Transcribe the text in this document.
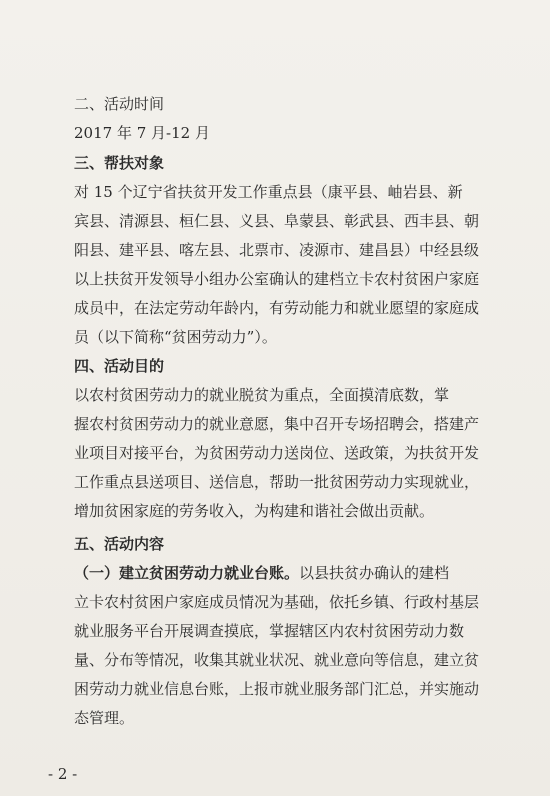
二、活动时间
2017 年 7 月-12 月
三、帮扶对象
对 15 个辽宁省扶贫开发工作重点县（康平县、岫岩县、新
宾县、清源县、桓仁县、义县、阜蒙县、彰武县、西丰县、朝
阳县、建平县、喀左县、北票市、凌源市、建昌县）中经县级
以上扶贫开发领导小组办公室确认的建档立卡农村贫困户家庭
成员中，在法定劳动年龄内，有劳动能力和就业愿望的家庭成
员（以下简称“贫困劳动力”）。
四、活动目的
以农村贫困劳动力的就业脱贫为重点，全面摸清底数，掌
握农村贫困劳动力的就业意愿，集中召开专场招聘会，搭建产
业项目对接平台，为贫困劳动力送岗位、送政策，为扶贫开发
工作重点县送项目、送信息，帮助一批贫困劳动力实现就业，
增加贫困家庭的劳务收入，为构建和谐社会做出贡献。
五、活动内容
（一）建立贫困劳动力就业台账。以县扶贫办确认的建档
立卡农村贫困户家庭成员情况为基础，依托乡镇、行政村基层
就业服务平台开展调查摸底，掌握辖区内农村贫困劳动力数
量、分布等情况，收集其就业状况、就业意向等信息，建立贫
困劳动力就业信息台账，上报市就业服务部门汇总，并实施动
态管理。
- 2 -
